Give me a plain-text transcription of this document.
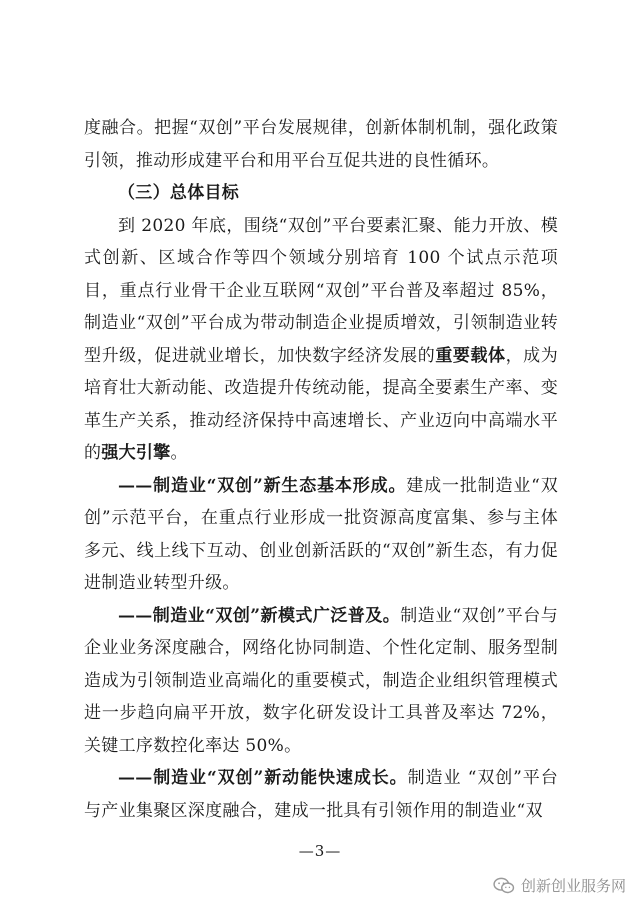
度融合。把握“双创”平台发展规律，创新体制机制，强化政策引领，推动形成建平台和用平台互促共进的良性循环。

（三）总体目标

到 2020 年底，围绕“双创”平台要素汇聚、能力开放、模式创新、区域合作等四个领域分别培育 100 个试点示范项目，重点行业骨干企业互联网“双创”平台普及率超过 85%，制造业“双创”平台成为带动制造企业提质增效，引领制造业转型升级，促进就业增长，加快数字经济发展的重要载体，成为培育壮大新动能、改造提升传统动能，提高全要素生产率、变革生产关系，推动经济保持中高速增长、产业迈向中高端水平的强大引擎。

——制造业“双创”新生态基本形成。建成一批制造业“双创”示范平台，在重点行业形成一批资源高度富集、参与主体多元、线上线下互动、创业创新活跃的“双创”新生态，有力促进制造业转型升级。

——制造业“双创”新模式广泛普及。制造业“双创”平台与企业业务深度融合，网络化协同制造、个性化定制、服务型制造成为引领制造业高端化的重要模式，制造企业组织管理模式进一步趋向扁平开放，数字化研发设计工具普及率达 72%，关键工序数控化率达 50%。

——制造业“双创”新动能快速成长。制造业 “双创”平台与产业集聚区深度融合，建成一批具有引领作用的制造业“双

—3—
创新创业服务网
